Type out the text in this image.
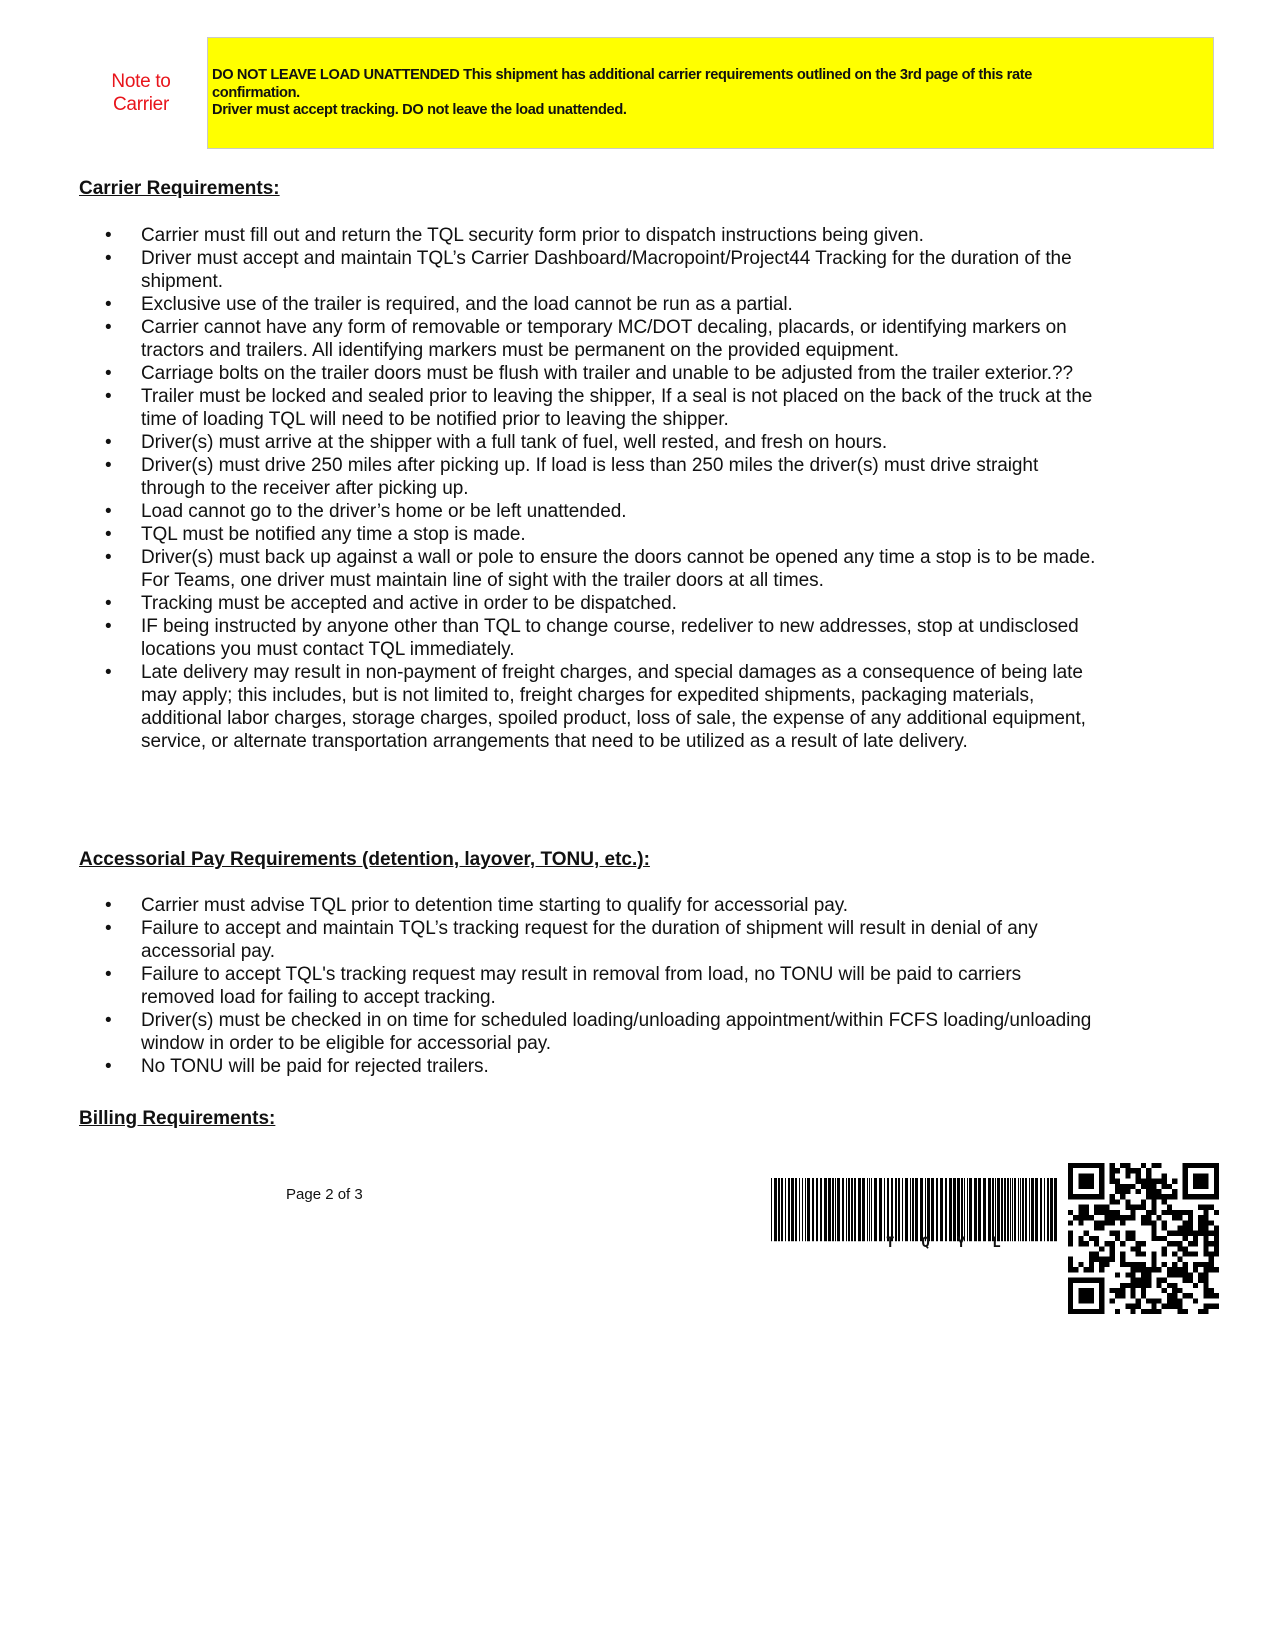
Note to
Carrier
DO NOT LEAVE LOAD UNATTENDED This shipment has additional carrier requirements outlined on the 3rd page of this rate
confirmation.
Driver must accept tracking. DO not leave the load unattended.
Carrier Requirements:
• Carrier must fill out and return the TQL security form prior to dispatch instructions being given.
• Driver must accept and maintain TQL’s Carrier Dashboard/Macropoint/Project44 Tracking for the duration of the shipment.
• Exclusive use of the trailer is required, and the load cannot be run as a partial.
• Carrier cannot have any form of removable or temporary MC/DOT decaling, placards, or identifying markers on tractors and trailers. All identifying markers must be permanent on the provided equipment.
• Carriage bolts on the trailer doors must be flush with trailer and unable to be adjusted from the trailer exterior.??
• Trailer must be locked and sealed prior to leaving the shipper, If a seal is not placed on the back of the truck at the time of loading TQL will need to be notified prior to leaving the shipper.
• Driver(s) must arrive at the shipper with a full tank of fuel, well rested, and fresh on hours.
• Driver(s) must drive 250 miles after picking up. If load is less than 250 miles the driver(s) must drive straight through to the receiver after picking up.
• Load cannot go to the driver’s home or be left unattended.
• TQL must be notified any time a stop is made.
• Driver(s) must back up against a wall or pole to ensure the doors cannot be opened any time a stop is to be made. For Teams, one driver must maintain line of sight with the trailer doors at all times.
• Tracking must be accepted and active in order to be dispatched.
• IF being instructed by anyone other than TQL to change course, redeliver to new addresses, stop at undisclosed locations you must contact TQL immediately.
• Late delivery may result in non-payment of freight charges, and special damages as a consequence of being late may apply; this includes, but is not limited to, freight charges for expedited shipments, packaging materials, additional labor charges, storage charges, spoiled product, loss of sale, the expense of any additional equipment, service, or alternate transportation arrangements that need to be utilized as a result of late delivery.
Accessorial Pay Requirements (detention, layover, TONU, etc.):
• Carrier must advise TQL prior to detention time starting to qualify for accessorial pay.
• Failure to accept and maintain TQL’s tracking request for the duration of shipment will result in denial of any accessorial pay.
• Failure to accept TQL's tracking request may result in removal from load, no TONU will be paid to carriers removed load for failing to accept tracking.
• Driver(s) must be checked in on time for scheduled loading/unloading appointment/within FCFS loading/unloading window in order to be eligible for accessorial pay.
• No TONU will be paid for rejected trailers.
Billing Requirements:
Page 2 of 3
TQYL
